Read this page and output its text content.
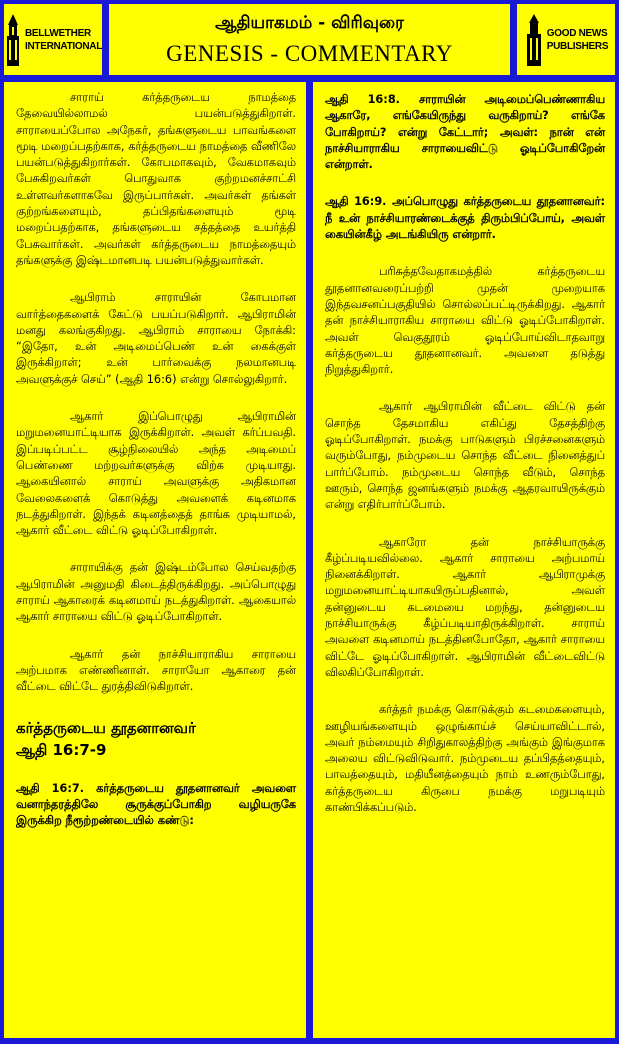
BELLWETHER
INTERNATIONAL
ஆதியாகமம் - விரிவுரை
GENESIS - COMMENTARY
GOOD NEWS
PUBLISHERS

சாராய் கர்த்தருடைய நாமத்தை தேவையில்லாமல் பயன்படுத்துகிறாள். சாராயைப்போல அநேகர், தங்களுடைய பாவங்களை மூடி மறைப்பதற்காக, கர்த்தருடைய நாமத்தை வீணிலே பயன்படுத்துகிறார்கள். கோபமாகவும், வேகமாகவும் பேசுகிறவர்கள் பொதுவாக குற்றமனச்சாட்சி உள்ளவர்களாகவே இருப்பார்கள். அவர்கள் தங்கள் குற்றங்களையும், தப்பிதங்களையும் மூடி மறைப்பதற்காக, தங்களுடைய சத்தத்தை உயர்த்தி பேசுவார்கள். அவர்கள் கர்த்தருடைய நாமத்தையும் தங்களுக்கு இஷ்டமானபடி பயன்படுத்துவார்கள்.

ஆபிராம் சாராயின் கோபமான வார்த்தைகளைக் கேட்டு பயப்படுகிறார். ஆபிராமின் மனது கலங்குகிறது. ஆபிராம் சாராயை நோக்கி: “இதோ, உன் அடிமைப்பெண் உன் கைக்குள் இருக்கிறாள்; உன் பார்வைக்கு நலமானபடி அவளுக்குச் செய்” (ஆதி 16:6) என்று சொல்லுகிறார்.

ஆகார் இப்பொழுது ஆபிராமின் மறுமனையாட்டியாக இருக்கிறாள். அவள் கர்ப்பவதி. இப்படிப்பட்ட சூழ்நிலையில் அந்த அடிமைப் பெண்ணை மற்றவர்களுக்கு விற்க முடியாது. ஆகையினால் சாராய் அவளுக்கு அதிகமான வேலைகளைக் கொடுத்து அவளைக் கடினமாக நடத்துகிறாள். இந்தக் கடினத்தைத் தாங்க முடியாமல், ஆகார் வீட்டை விட்டு ஓடிப்போகிறாள்.

சாராயிக்கு தன் இஷ்டம்போல செய்வதற்கு ஆபிராமின் அனுமதி கிடைத்திருக்கிறது. அப்பொழுது சாராய் ஆகாரைக் கடினமாய் நடத்துகிறாள். ஆகையால் ஆகார் சாராயை விட்டு ஓடிப்போகிறாள்.

ஆகார் தன் நாச்சியாராகிய சாராயை அற்பமாக எண்ணினாள். சாராயோ ஆகாரை தன் வீட்டை விட்டே துரத்திவிடுகிறாள்.

கர்த்தருடைய தூதனானவர்
ஆதி 16:7-9

ஆதி 16:7. கர்த்தருடைய தூதனானவர் அவளை வனாந்தரத்திலே சூருக்குப்போகிற வழியருகே இருக்கிற நீரூற்றண்டையில் கண்டு:

ஆதி 16:8. சாராயின் அடிமைப்பெண்ணாகிய ஆகாரே, எங்கேயிருந்து வருகிறாய்? எங்கே போகிறாய்? என்று கேட்டார்; அவள்: நான் என் நாச்சியாராகிய சாராயைவிட்டு ஓடிப்போகிறேன் என்றாள்.

ஆதி 16:9. அப்பொழுது கர்த்தருடைய தூதனானவர்: நீ உன் நாச்சியாரண்டைக்குத் திரும்பிப்போய், அவள் கையின்கீழ் அடங்கியிரு என்றார்.

பரிசுத்தவேதாகமத்தில் கர்த்தருடைய தூதனானவரைப்பற்றி முதன் முறையாக இந்தவசனப்பகுதியில் சொல்லப்பட்டிருக்கிறது. ஆகார் தன் நாச்சியாராகிய சாராயை விட்டு ஓடிப்போகிறாள். அவள் வெகுதூரம் ஓடிப்போய்விடாதவாறு கர்த்தருடைய தூதனானவர். அவளை தடுத்து நிறுத்துகிறார்.

ஆகார் ஆபிராமின் வீட்டை விட்டு தன் சொந்த தேசமாகிய எகிப்து தேசத்திற்கு ஓடிப்போகிறாள். நமக்கு பாடுகளும் பிரச்சனைகளும் வரும்போது, நம்முடைய சொந்த வீட்டை நினைத்துப் பார்ப்போம். நம்முடைய சொந்த வீடும், சொந்த ஊரும், சொந்த ஜனங்களும் நமக்கு ஆதரவாயிருக்கும் என்று எதிர்பார்ப்போம்.

ஆகாரோ தன் நாச்சியாருக்கு கீழ்ப்படியவில்லை. ஆகார் சாராயை அற்பமாய் நினைக்கிறாள். ஆகார் ஆபிராமுக்கு மறுமனையாட்டியாகயிருப்பதினால், அவள் தன்னுடைய கடமையை மறந்து, தன்னுடைய நாச்சியாருக்கு கீழ்ப்படியாதிருக்கிறாள். சாராய் அவளை கடினமாய் நடத்தினபோதோ, ஆகார் சாராயை விட்டே ஓடிப்போகிறாள். ஆபிராமின் வீட்டைவிட்டு விலகிப்போகிறாள்.

கர்த்தர் நமக்கு கொடுக்கும் கடமைகளையும், ஊழியங்களையும் ஒழுங்காய்ச் செய்யாவிட்டால், அவர் நம்மையும் சிறிதுகாலத்திற்கு அங்கும் இங்குமாக அலைய விட்டுவிடுவார். நம்முடைய தப்பிதத்தையும், பாவத்தையும், மதியீனத்தையும் நாம் உணரும்போது, கர்த்தருடைய கிருபை நமக்கு மறுபடியும் காண்பிக்கப்படும்.
